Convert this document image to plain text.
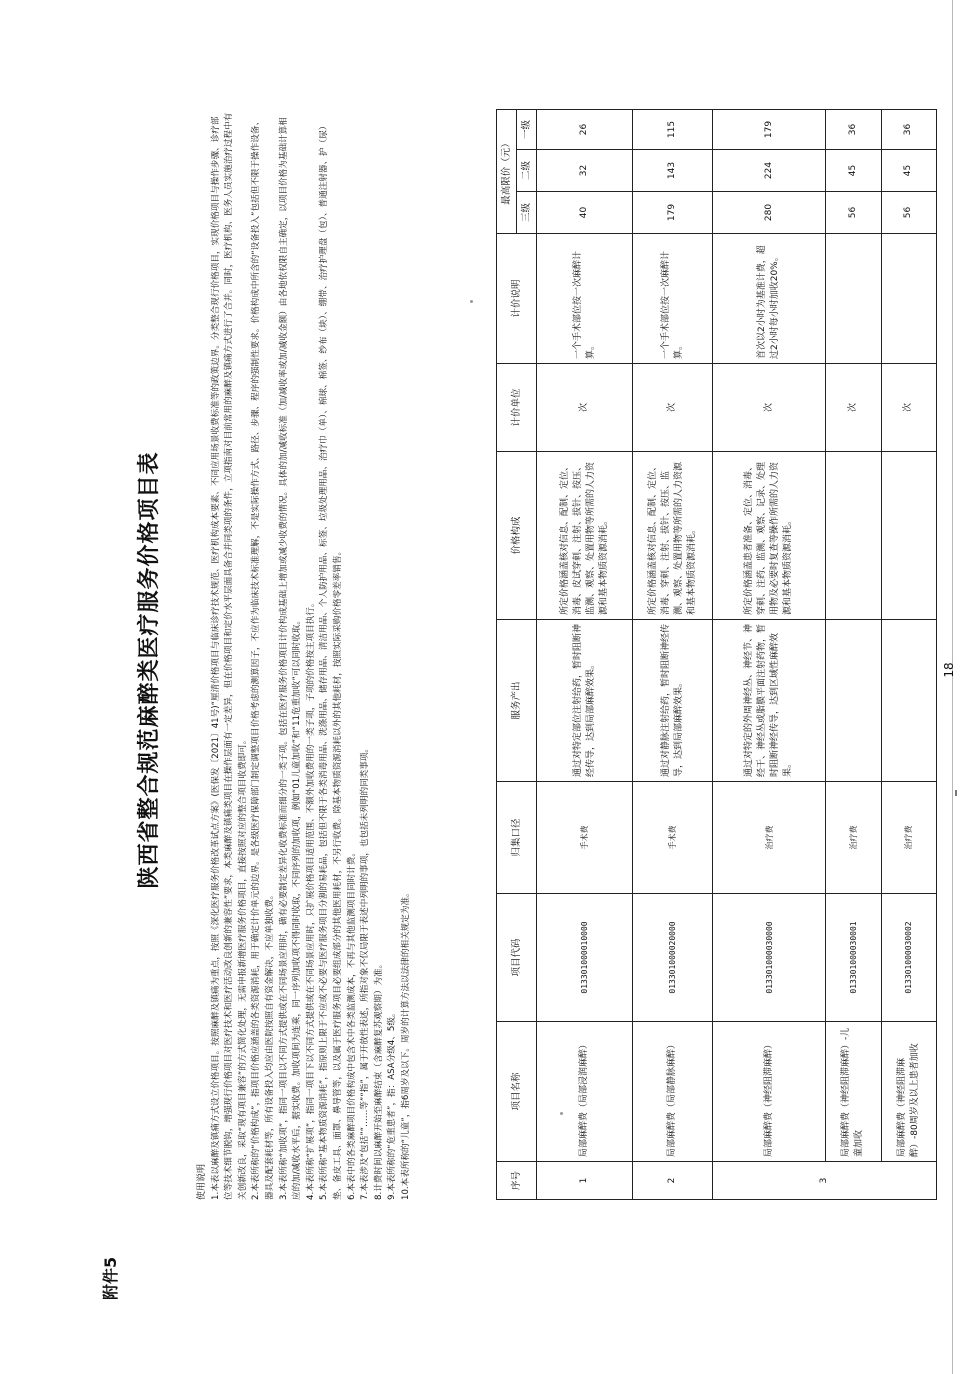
附件5
陕西省整合规范麻醉类医疗服务价格项目表

使用说明 1.本表以麻醉及镇痛方式设立价格项目。按照麻醉及镇痛为重点，按照《深化医疗服务价格改革试点方案》(医保发〔2021〕41号)“厘清价格项目与临床诊疗技术规范、医疗机构成本要素、不同应用场景收费标准等的政策边界。分类整合现行价格项目，实现价格项目与操作步骤、诊疗部位等技术细节脱钩，增强现行价格项目对医疗技术和医疗活动改良创新的兼容性”要求，本类麻醉及镇痛类项目在操作层面有一定差异，但在价格项目和定价水平层面具备合并同类项的条件，立项指南对目前常用的麻醉及镇痛方式进行了合并。同时，医疗机构、医务人员实施治疗过程中有关创新改良，采取“现有项目兼容”的方式简化处理，无需申报新增医疗服务价格项目，直接按照对应的整合项目收费即可。 2.本表所称的“价格构成”，指项目价格应涵盖的各类资源消耗，用于确定计价单元的边界。是各级医疗保障部门制定调整项目价格考虑的测算因子，不应作为临床技术标准理解，不是实际操作方式、路径、步骤、程序的强制性要求。价格构成中所含的“设备投入”包括但不限于操作设备、器具及配套耗材等，所有设备投入均应由医院按照自有资金解决，不应单独收费。 3.本表所称“加收项”，指同一项目以不同方式提供或在不同场景应用时，确有必要制定差异化收费标准而细分的一类子项。包括在医疗服务价格项目计价构成基础上增加或减少收费的情况。具体的加/减收标准（加/减收率或加/减收金额）由各地依权限自主确定，以项目价格为基础计算相应的加/减收水平后，据实收费。加收项间为连乘，同一序列加收项不得同时收取，不同序列的加收项，例如“01儿童加收”和“11危重加收”可以同时收取。 4.本表所称“扩展项”，指同一项目下以不同方式提供或在不同场景应用时，只扩展价格项目适用范围、不额外加收费用的一类子项，子项的价格按主项目执行。 5.本表所称“基本物质资源消耗”，指原则上限于不应或不必要与医疗服务项目分割的易耗品，包括但不限于各类消毒用品、洗涤用品、储存用品、清洁用品、个人防护用品、标签、垃圾处理用品、治疗巾（单）、棉球、棉签、纱布（块）、绷带、治疗护理盘（包）、普通注射器、护（尿）垫、备皮工具、面罩、鼻导管等，以及属于医疗服务项目必要组成部分的其他医用耗材，不另行收费。除基本物质资源消耗以外的其他耗材，按照实际采购价格零差率销售。 6.本表中的各类麻醉项目价格构成中包含术中各类监测成本，不再与其他监测项目同时计费。 7.本表涉及“包括”“……等”“指”，属于开放性表述，所指对象不仅局限于表述中列明的事项，也包括未列明的同类事项。 8.计费时间以麻醉开始至麻醉结束（含麻醉复苏观察期）为准。 9.本表所称的“危重患者”，指：ASA分级4、5级。 10.本表所称的“儿童”，指6周岁及以下。周岁的计算方法以法律的相关规定为准。	序号	项目名称	项目代码	归集口径	服务产出	价格构成	计价单位	计价说明	最高限价（元）		
								三级	二级	一级
1	局部麻醉费（局部浸润麻醉）	013301000010000	手术费	通过对特定部位注射给药，暂时阻断神经传导，达到局部麻醉效果。	所定价格涵盖核对信息、配制、定位、消毒、皮试穿刺、注射、拔针、按压、监测、观察、处置用物等所需的人力资源和基本物质资源消耗。	次	一个手术部位按一次麻醉计算。	40	32	26
2	局部麻醉费（局部静脉麻醉）	013301000020000	手术费	通过对静脉注射给药，暂时阻断神经传导，达到局部麻醉效果。	所定价格涵盖核对信息、配制、定位、消毒、穿刺、注射、拔针、按压、监测、观察、处置用物等所需的人力资源和基本物质资源消耗。	次	一个手术部位按一次麻醉计算。	179	143	115
3	局部麻醉费（神经阻滞麻醉）	013301000030000	治疗费	通过对特定的外周神经丛、神经节、神经干、神经丛或脂膜平面注射药物，暂时阻断神经传导，达到区域性麻醉效果。	所定价格涵盖患者准备、定位、消毒、穿刺、注药、监测、观察、记录、处理用物及必要时复查等操作所需的人力资源和基本物质资源消耗。	次	首次以2小时为基准计费，超过2小时每小时加收20%。	280	224	179
	局部麻醉费（神经阻滞麻醉）-儿童加收	013301000030001	治疗费			次		56	45	36
	局部麻醉费（神经阻滞麻醉）-80周岁及以上患者加收	013301000030002	治疗费			次		56	45	36
18
